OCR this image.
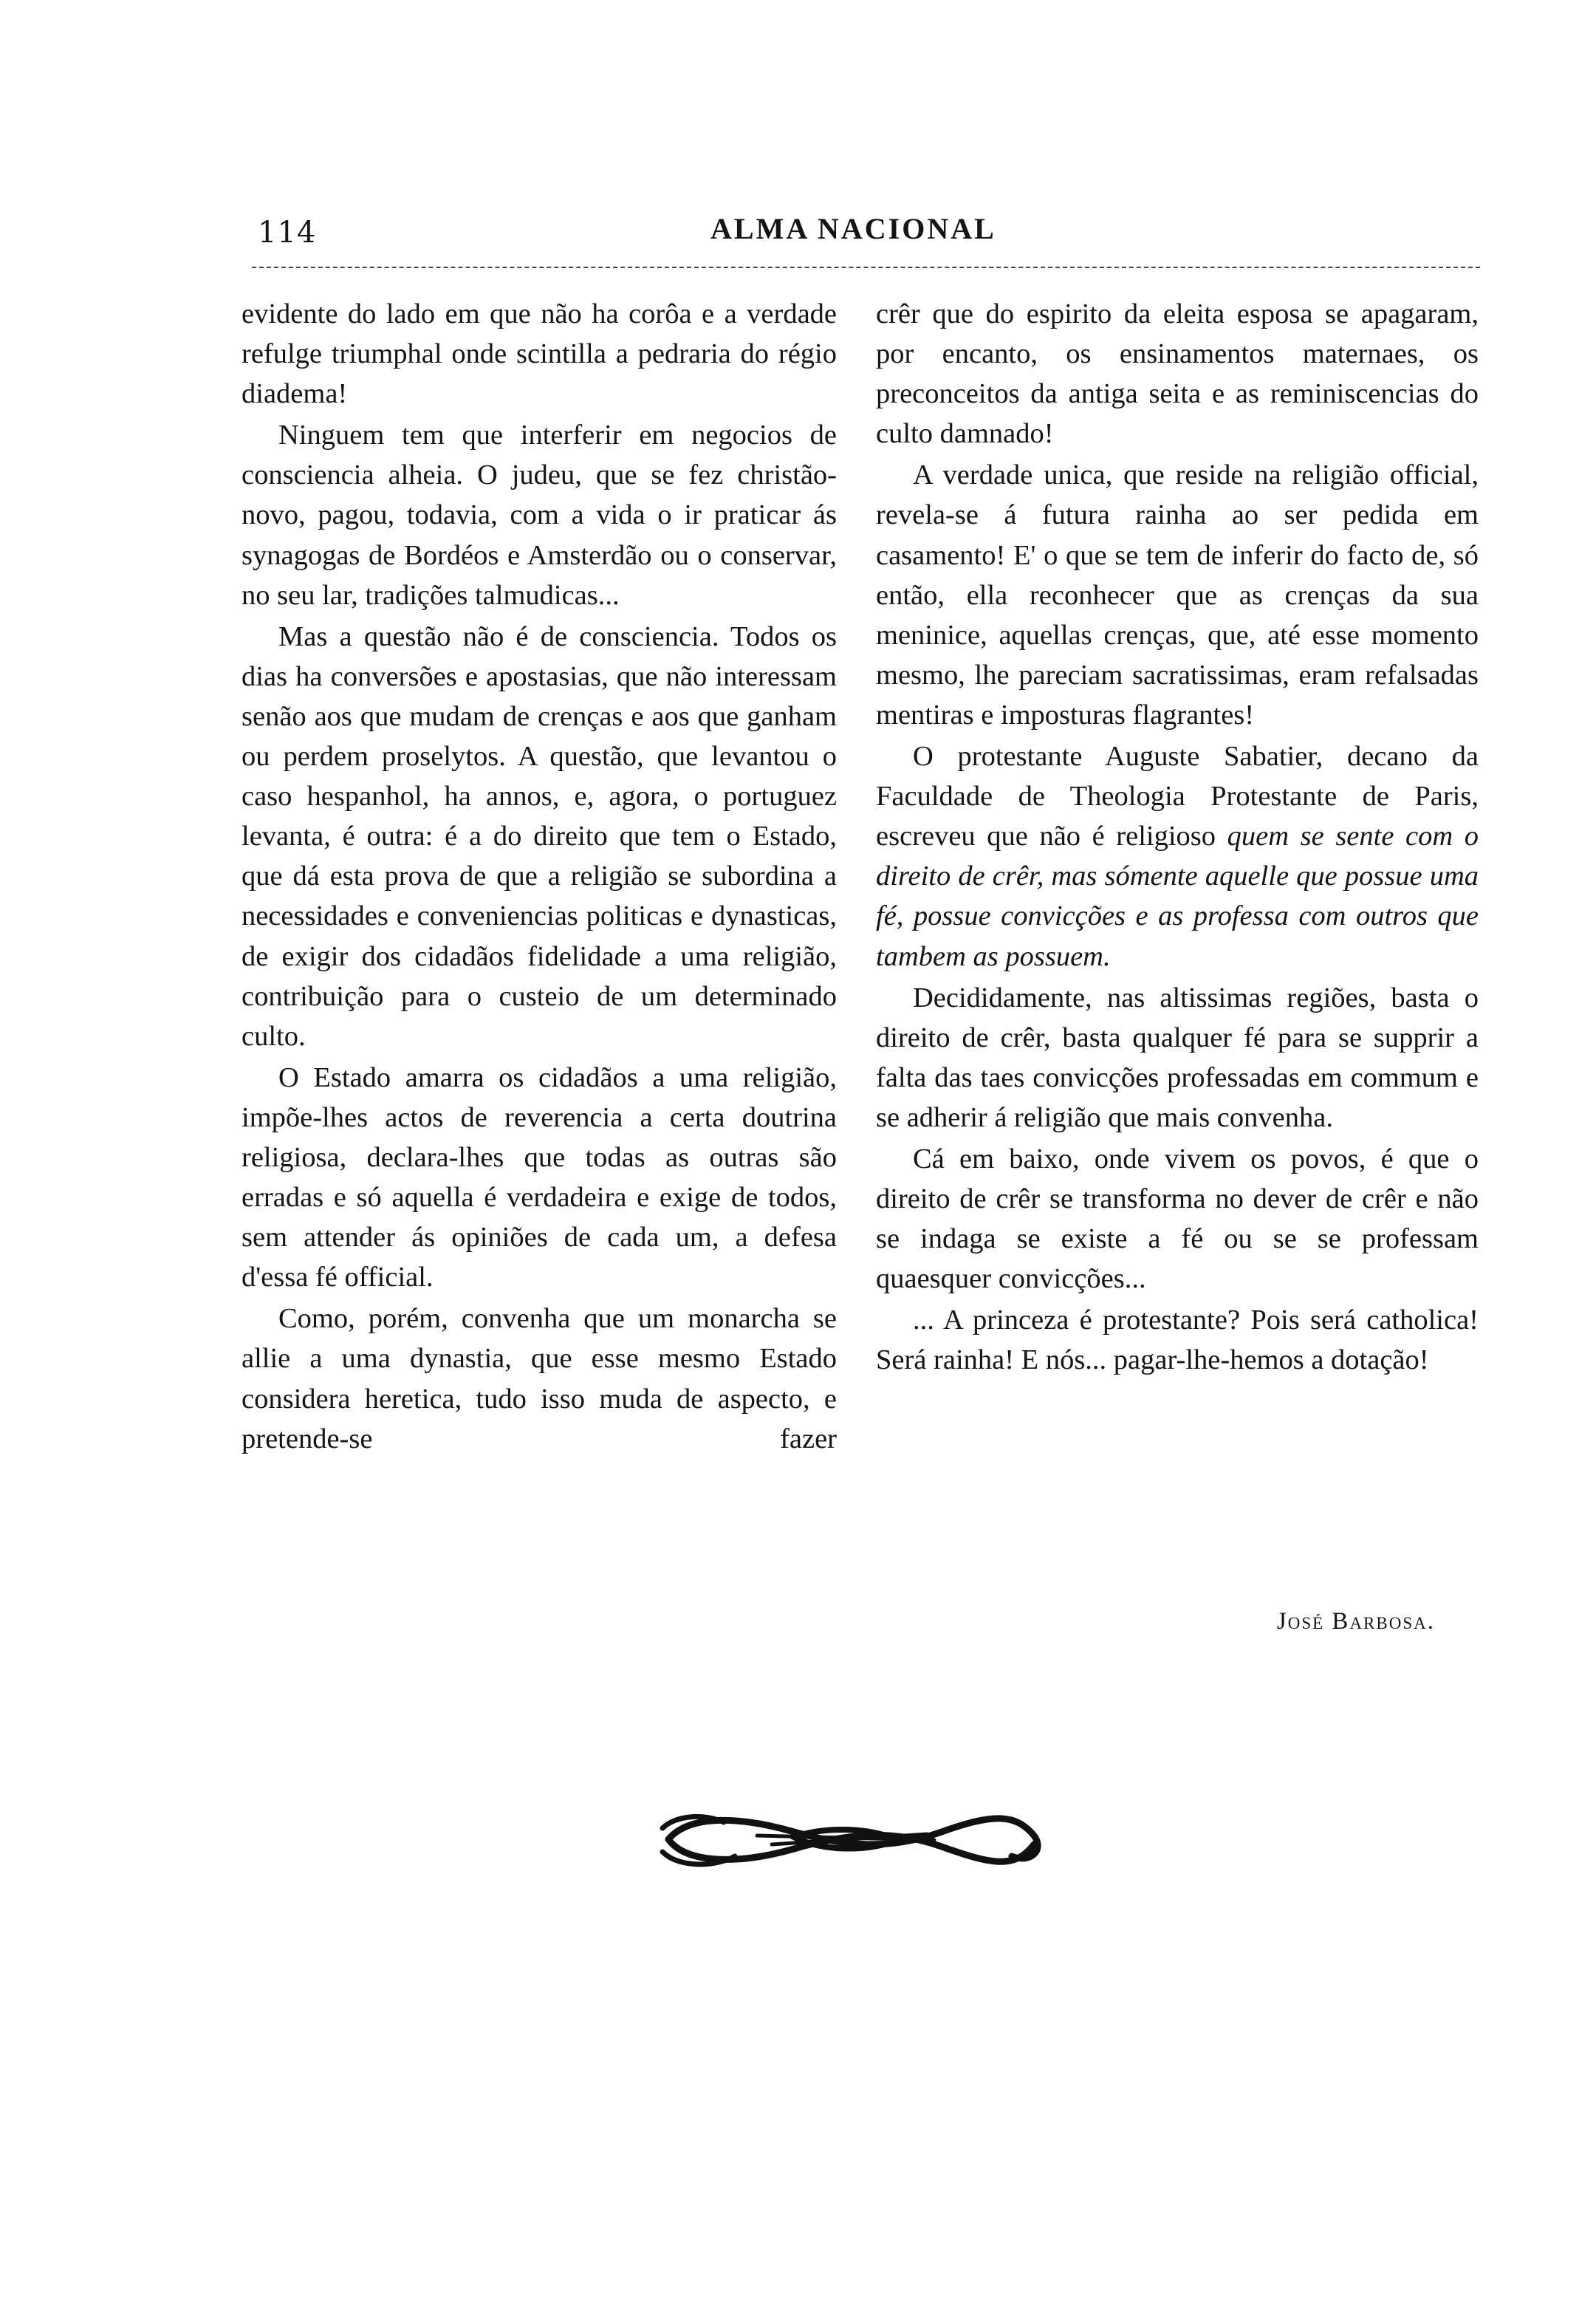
114	ALMA NACIONAL

evidente do lado em que não ha corôa e a verdade refulge triumphal onde scintilla a pedraria do régio diadema!

Ninguem tem que interferir em negocios de consciencia alheia. O judeu, que se fez christão-novo, pagou, todavia, com a vida o ir praticar ás synagogas de Bordéos e Amsterdão ou o conservar, no seu lar, tradições talmudicas...

Mas a questão não é de consciencia. Todos os dias ha conversões e apostasias, que não interessam senão aos que mudam de crenças e aos que ganham ou perdem proselytos. A questão, que levantou o caso hespanhol, ha annos, e, agora, o portuguez levanta, é outra: é a do direito que tem o Estado, que dá esta prova de que a religião se subordina a necessidades e conveniencias politicas e dynasticas, de exigir dos cidadãos fidelidade a uma religião, contribuição para o custeio de um determinado culto.

O Estado amarra os cidadãos a uma religião, impõe-lhes actos de reverencia a certa doutrina religiosa, declara-lhes que todas as outras são erradas e só aquella é verdadeira e exige de todos, sem attender ás opiniões de cada um, a defesa d'essa fé official.

Como, porém, convenha que um monarcha se allie a uma dynastia, que esse mesmo Estado considera heretica, tudo isso muda de aspecto, e pretende-se fazer

crêr que do espirito da eleita esposa se apagaram, por encanto, os ensinamentos maternaes, os preconceitos da antiga seita e as reminiscencias do culto damnado!

A verdade unica, que reside na religião official, revela-se á futura rainha ao ser pedida em casamento! E' o que se tem de inferir do facto de, só então, ella reconhecer que as crenças da sua meninice, aquellas crenças, que, até esse momento mesmo, lhe pareciam sacratissimas, eram refalsadas mentiras e imposturas flagrantes!

O protestante Auguste Sabatier, decano da Faculdade de Theologia Protestante de Paris, escreveu que não é religioso quem se sente com o direito de crêr, mas sómente aquelle que possue uma fé, possue convicções e as professa com outros que tambem as possuem.

Decididamente, nas altissimas regiões, basta o direito de crêr, basta qualquer fé para se supprir a falta das taes convicções professadas em commum e se adherir á religião que mais convenha.

Cá em baixo, onde vivem os povos, é que o direito de crêr se transforma no dever de crêr e não se indaga se existe a fé ou se se professam quaesquer convicções...

... A princeza é protestante? Pois será catholica! Será rainha! E nós... pagar-lhe-hemos a dotação!

José Barbosa.
